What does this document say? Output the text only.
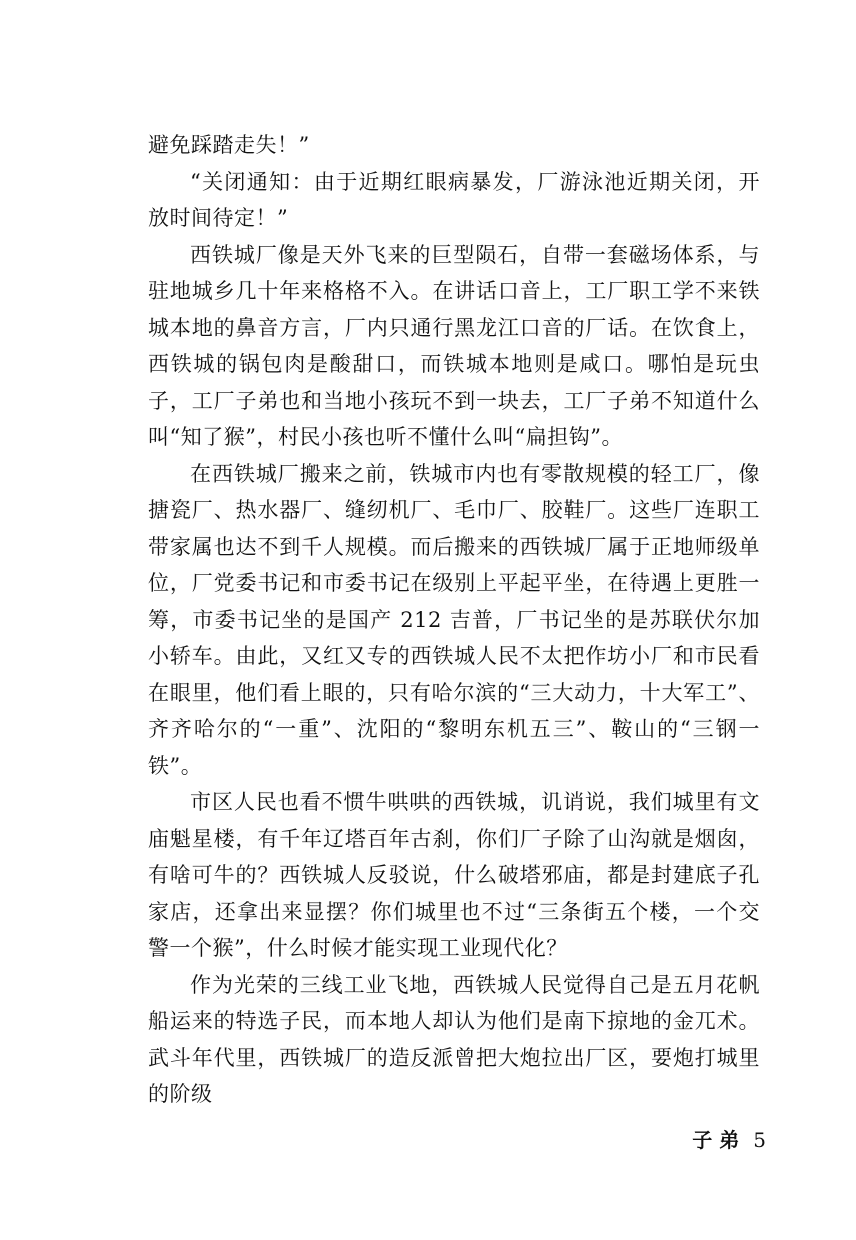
避免踩踏走失！”

“关闭通知：由于近期红眼病暴发，厂游泳池近期关闭，开放时间待定！”

西铁城厂像是天外飞来的巨型陨石，自带一套磁场体系，与驻地城乡几十年来格格不入。在讲话口音上，工厂职工学不来铁城本地的鼻音方言，厂内只通行黑龙江口音的厂话。在饮食上，西铁城的锅包肉是酸甜口，而铁城本地则是咸口。哪怕是玩虫子，工厂子弟也和当地小孩玩不到一块去，工厂子弟不知道什么叫“知了猴”，村民小孩也听不懂什么叫“扁担钩”。

在西铁城厂搬来之前，铁城市内也有零散规模的轻工厂，像搪瓷厂、热水器厂、缝纫机厂、毛巾厂、胶鞋厂。这些厂连职工带家属也达不到千人规模。而后搬来的西铁城厂属于正地师级单位，厂党委书记和市委书记在级别上平起平坐，在待遇上更胜一筹，市委书记坐的是国产 212 吉普，厂书记坐的是苏联伏尔加小轿车。由此，又红又专的西铁城人民不太把作坊小厂和市民看在眼里，他们看上眼的，只有哈尔滨的“三大动力，十大军工”、齐齐哈尔的“一重”、沈阳的“黎明东机五三”、鞍山的“三钢一铁”。

市区人民也看不惯牛哄哄的西铁城，讥诮说，我们城里有文庙魁星楼，有千年辽塔百年古刹，你们厂子除了山沟就是烟囱，有啥可牛的？西铁城人反驳说，什么破塔邪庙，都是封建底子孔家店，还拿出来显摆？你们城里也不过“三条街五个楼，一个交警一个猴”，什么时候才能实现工业现代化？

作为光荣的三线工业飞地，西铁城人民觉得自己是五月花帆船运来的特选子民，而本地人却认为他们是南下掠地的金兀术。武斗年代里，西铁城厂的造反派曾把大炮拉出厂区，要炮打城里的阶级

子 弟 5
